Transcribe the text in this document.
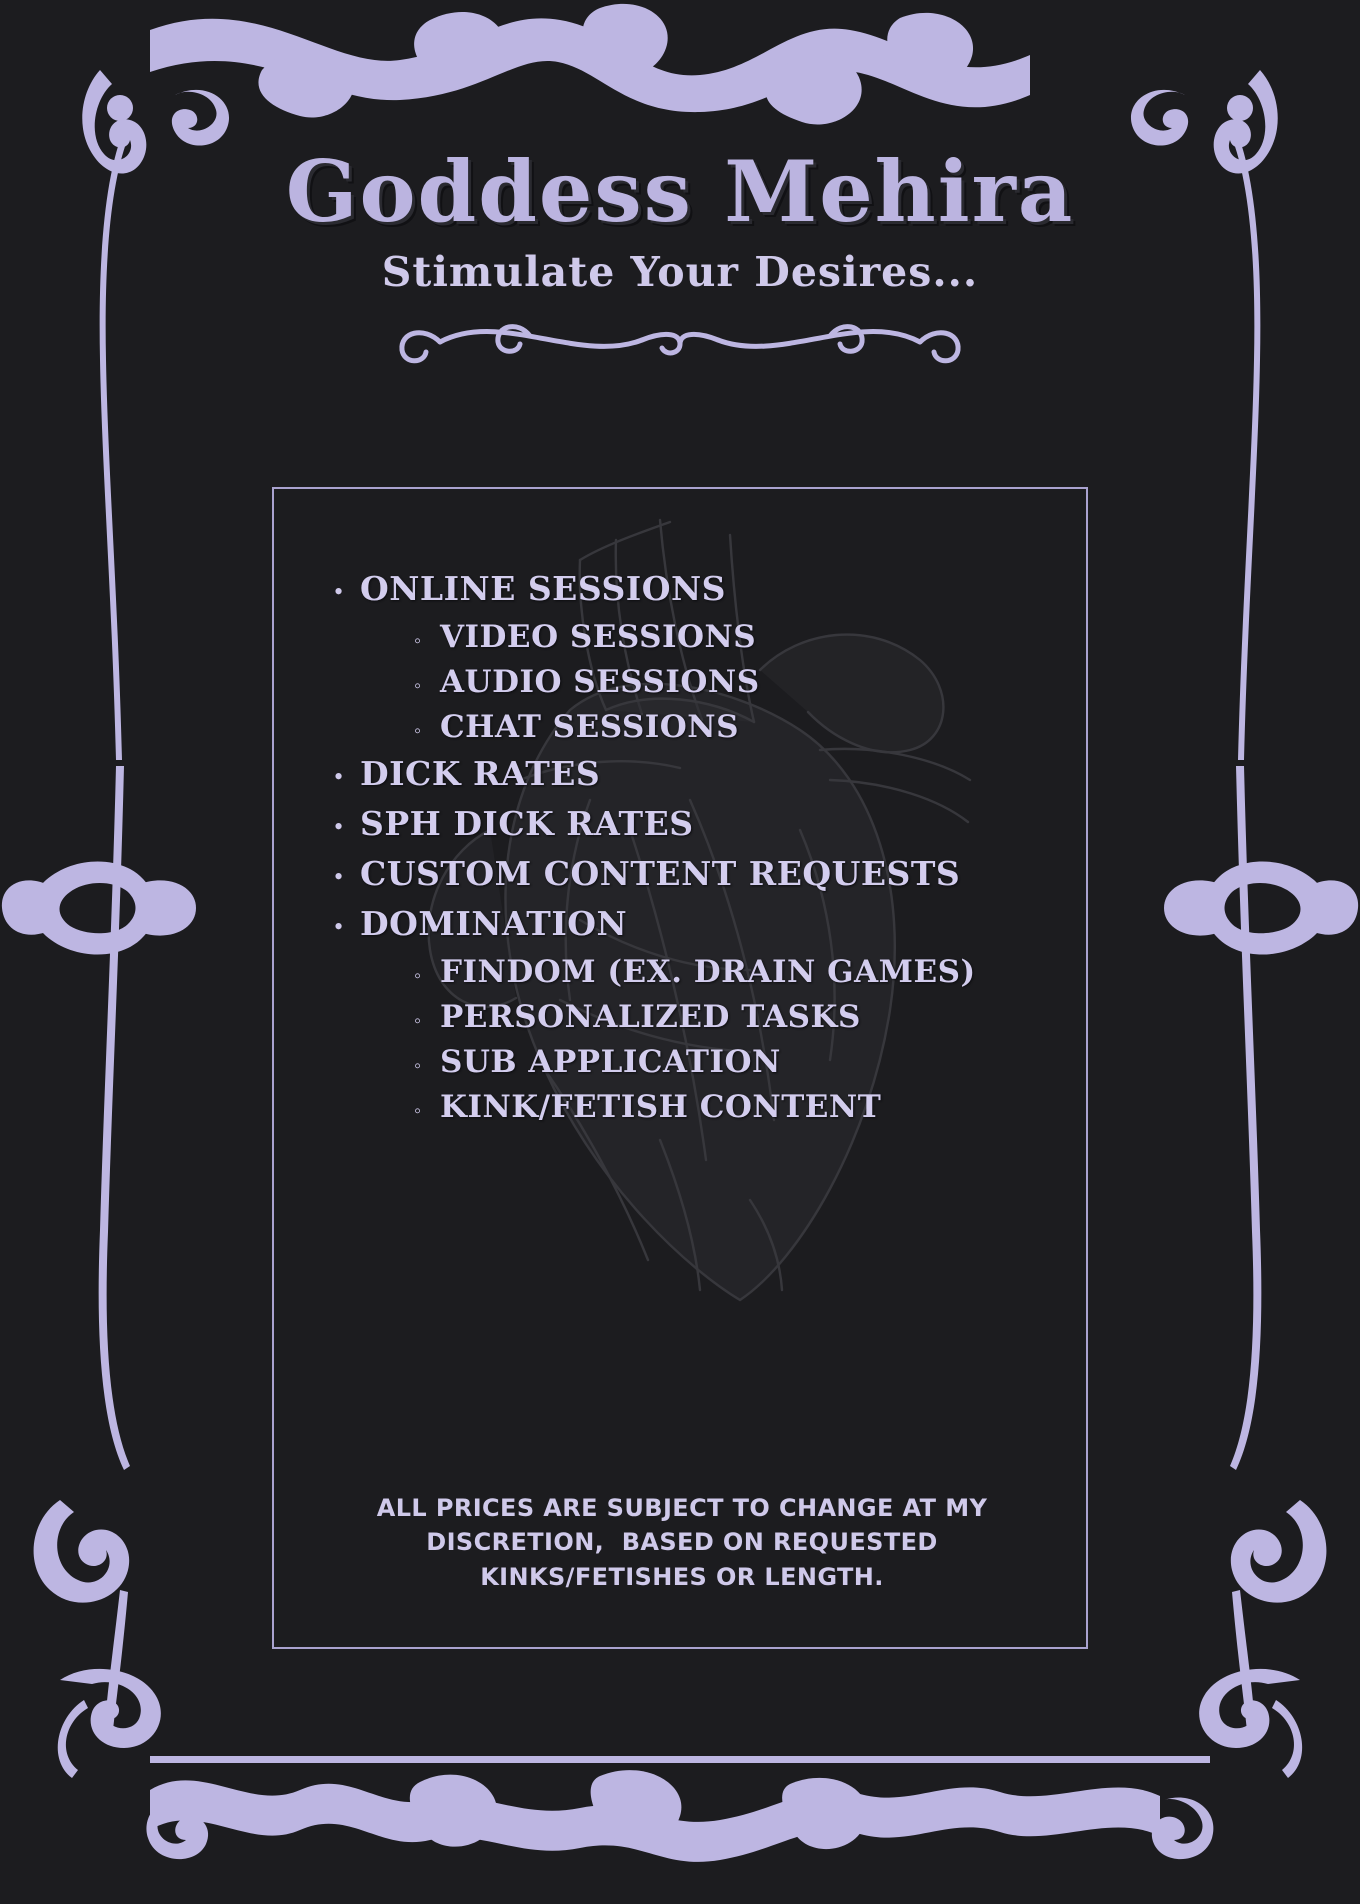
Goddess Mehira
Stimulate Your Desires...
• ONLINE SESSIONS
◦ VIDEO SESSIONS
◦ AUDIO SESSIONS
◦ CHAT SESSIONS
• DICK RATES
• SPH DICK RATES
• CUSTOM CONTENT REQUESTS
• DOMINATION
◦ FINDOM (EX. DRAIN GAMES)
◦ PERSONALIZED TASKS
◦ SUB APPLICATION
◦ KINK/FETISH CONTENT
ALL PRICES ARE SUBJECT TO CHANGE AT MY
DISCRETION,  BASED ON REQUESTED
KINKS/FETISHES OR LENGTH.
